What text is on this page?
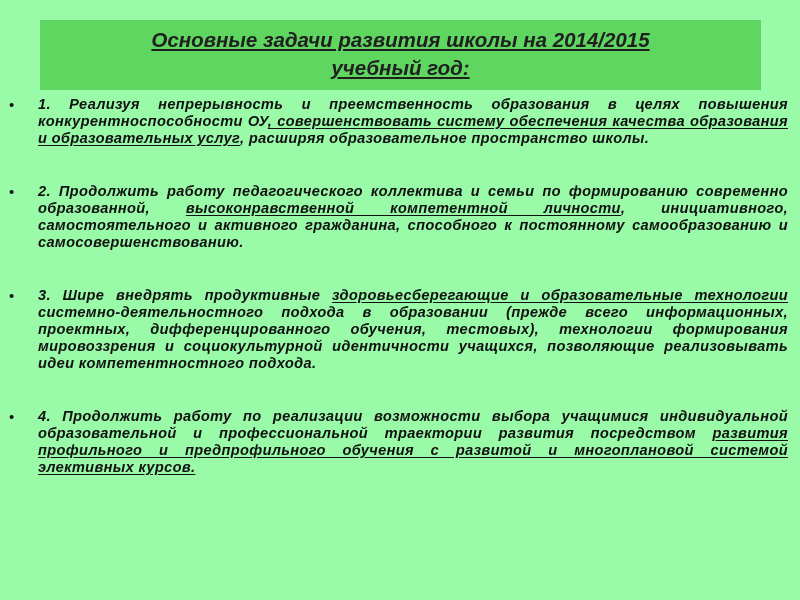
Основные задачи развития школы на 2014/2015
учебный год:
•	1. Реализуя непрерывность и преемственность образования в целях повышения конкурентноспособности ОУ, совершенствовать систему обеспечения качества образования и образовательных услуг, расширяя образовательное пространство школы.
•	2. Продолжить работу педагогического коллектива и семьи по формированию современно образованной, высоконравственной компетентной личности, инициативного, самостоятельного и активного гражданина, способного к постоянному самообразованию и самосовершенствованию.
•	3. Шире внедрять продуктивные здоровьесберегающие и образовательные технологии системно-деятельностного подхода в образовании (прежде всего информационных, проектных, дифференцированного обучения, тестовых), технологии формирования мировоззрения и социокультурной идентичности учащихся, позволяющие реализовывать идеи компетентностного подхода.
•	4. Продолжить работу по реализации возможности выбора учащимися индивидуальной образовательной и профессиональной траектории развития посредством развития профильного и предпрофильного обучения с развитой и многоплановой системой элективных курсов.
